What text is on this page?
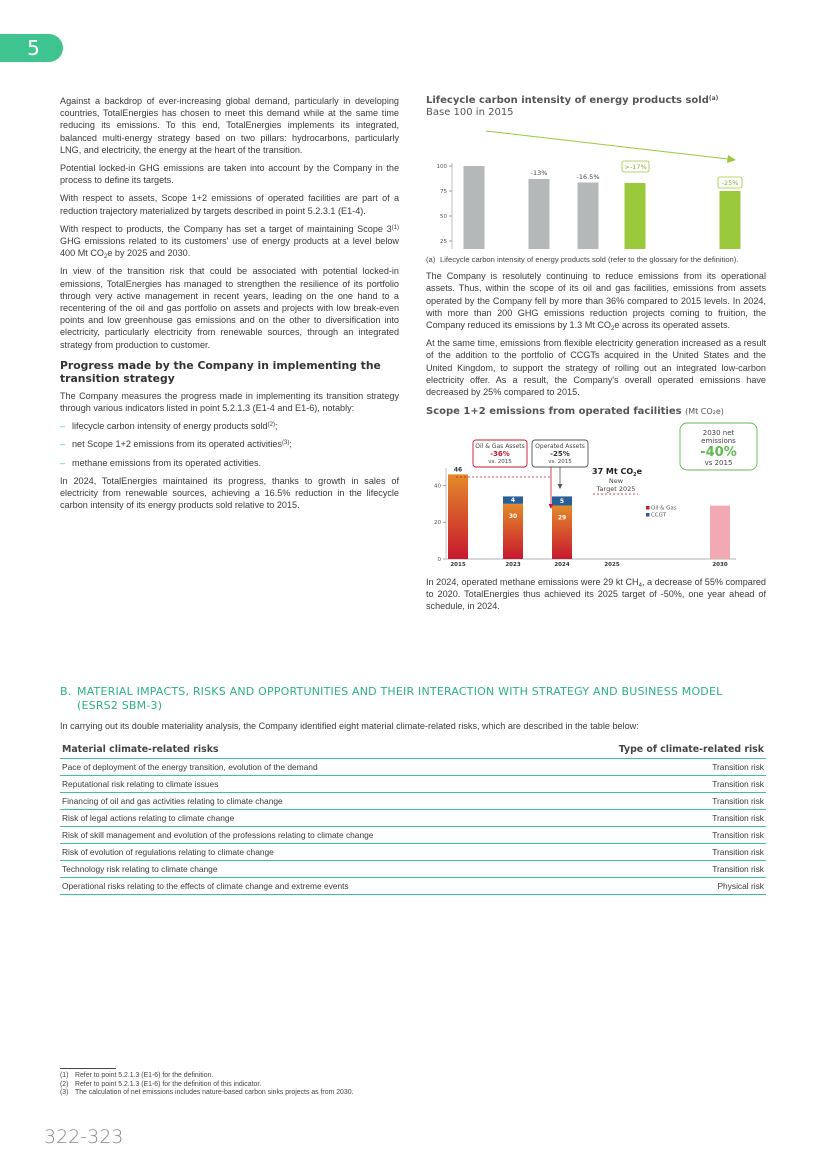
5

Against a backdrop of ever-increasing global demand, particularly in developing countries, TotalEnergies has chosen to meet this demand while at the same time reducing its emissions. To this end, TotalEnergies implements its integrated, balanced multi-energy strategy based on two pillars: hydrocarbons, particularly LNG, and electricity, the energy at the heart of the transition.

Potential locked-in GHG emissions are taken into account by the Company in the process to define its targets.

With respect to assets, Scope 1+2 emissions of operated facilities are part of a reduction trajectory materialized by targets described in point 5.2.3.1 (E1-4).

With respect to products, the Company has set a target of maintaining Scope 3$^{(1)}$ GHG emissions related to its customers' use of energy products at a level below 400 Mt $CO_2e$ by 2025 and 2030.

In view of the transition risk that could be associated with potential locked-in emissions, TotalEnergies has managed to strengthen the resilience of its portfolio through very active management in recent years, leading on the one hand to a recentering of the oil and gas portfolio on assets and projects with low break-even points and low greenhouse gas emissions and on the other to diversification into electricity, particularly electricity from renewable sources, through an integrated strategy from production to customer.

Progress made by the Company in implementing the transition strategy

The Company measures the progress made in implementing its transition strategy through various indicators listed in point 5.2.1.3 (E1-4 and E1-6), notably:

– lifecycle carbon intensity of energy products sold$^{(2)}$;
– net Scope 1+2 emissions from its operated activities$^{(3)}$;
– methane emissions from its operated activities.

In 2024, TotalEnergies maintained its progress, thanks to growth in sales of electricity from renewable sources, achieving a 16.5% reduction in the lifecycle carbon intensity of its energy products sold relative to 2015.

Lifecycle carbon intensity of energy products sold$^{(a)}$
Base 100 in 2015
25
50
75
100
-13%	-16.5%
>-17%
-25%
(a) Lifecycle carbon intensity of energy products sold (refer to the glossary for the definition).

The Company is resolutely continuing to reduce emissions from its operational assets. Thus, within the scope of its oil and gas facilities, emissions from assets operated by the Company fell by more than 36% compared to 2015 levels. In 2024, with more than 200 GHG emissions reduction projects coming to fruition, the Company reduced its emissions by 1.3 Mt $CO_2e$ across its operated assets.

At the same time, emissions from flexible electricity generation increased as a result of the addition to the portfolio of CCGTs acquired in the United States and the United Kingdom, to support the strategy of rolling out an integrated low-carbon electricity offer. As a result, the Company's overall operated emissions have decreased by 25% compared to 2015.

Scope 1+2 emissions from operated facilities (Mt CO₂e)
0
20
40
46
30
4
29
5
2015	2023	2024	2025	2030
Oil & Gas Assets
-36%
vs. 2015
Operated Assets
-25%
vs. 2015
37 Mt $CO_2e$
New
Target 2025
2030 net
emissions
-40%
vs 2015
Oil & Gas
CCGT

In 2024, operated methane emissions were 29 kt $CH_4$, a decrease of 55% compared to 2020. TotalEnergies thus achieved its 2025 target of -50%, one year ahead of schedule, in 2024.

B. MATERIAL IMPACTS, RISKS AND OPPORTUNITIES AND THEIR INTERACTION WITH STRATEGY AND BUSINESS MODEL (ESRS2 SBM-3)
In carrying out its double materiality analysis, the Company identified eight material climate-related risks, which are described in the table below:
Material climate-related risks	Type of climate-related risk
Pace of deployment of the energy transition, evolution of the demand	Transition risk
Reputational risk relating to climate issues	Transition risk
Financing of oil and gas activities relating to climate change	Transition risk
Risk of legal actions relating to climate change	Transition risk
Risk of skill management and evolution of the professions relating to climate change	Transition risk
Risk of evolution of regulations relating to climate change	Transition risk
Technology risk relating to climate change	Transition risk
Operational risks relating to the effects of climate change and extreme events	Physical risk
(1) Refer to point 5.2.1.3 (E1-6) for the definition.
(2) Refer to point 5.2.1.3 (E1-6) for the definition of this indicator.
(3) The calculation of net emissions includes nature-based carbon sinks projects as from 2030.
322-323
